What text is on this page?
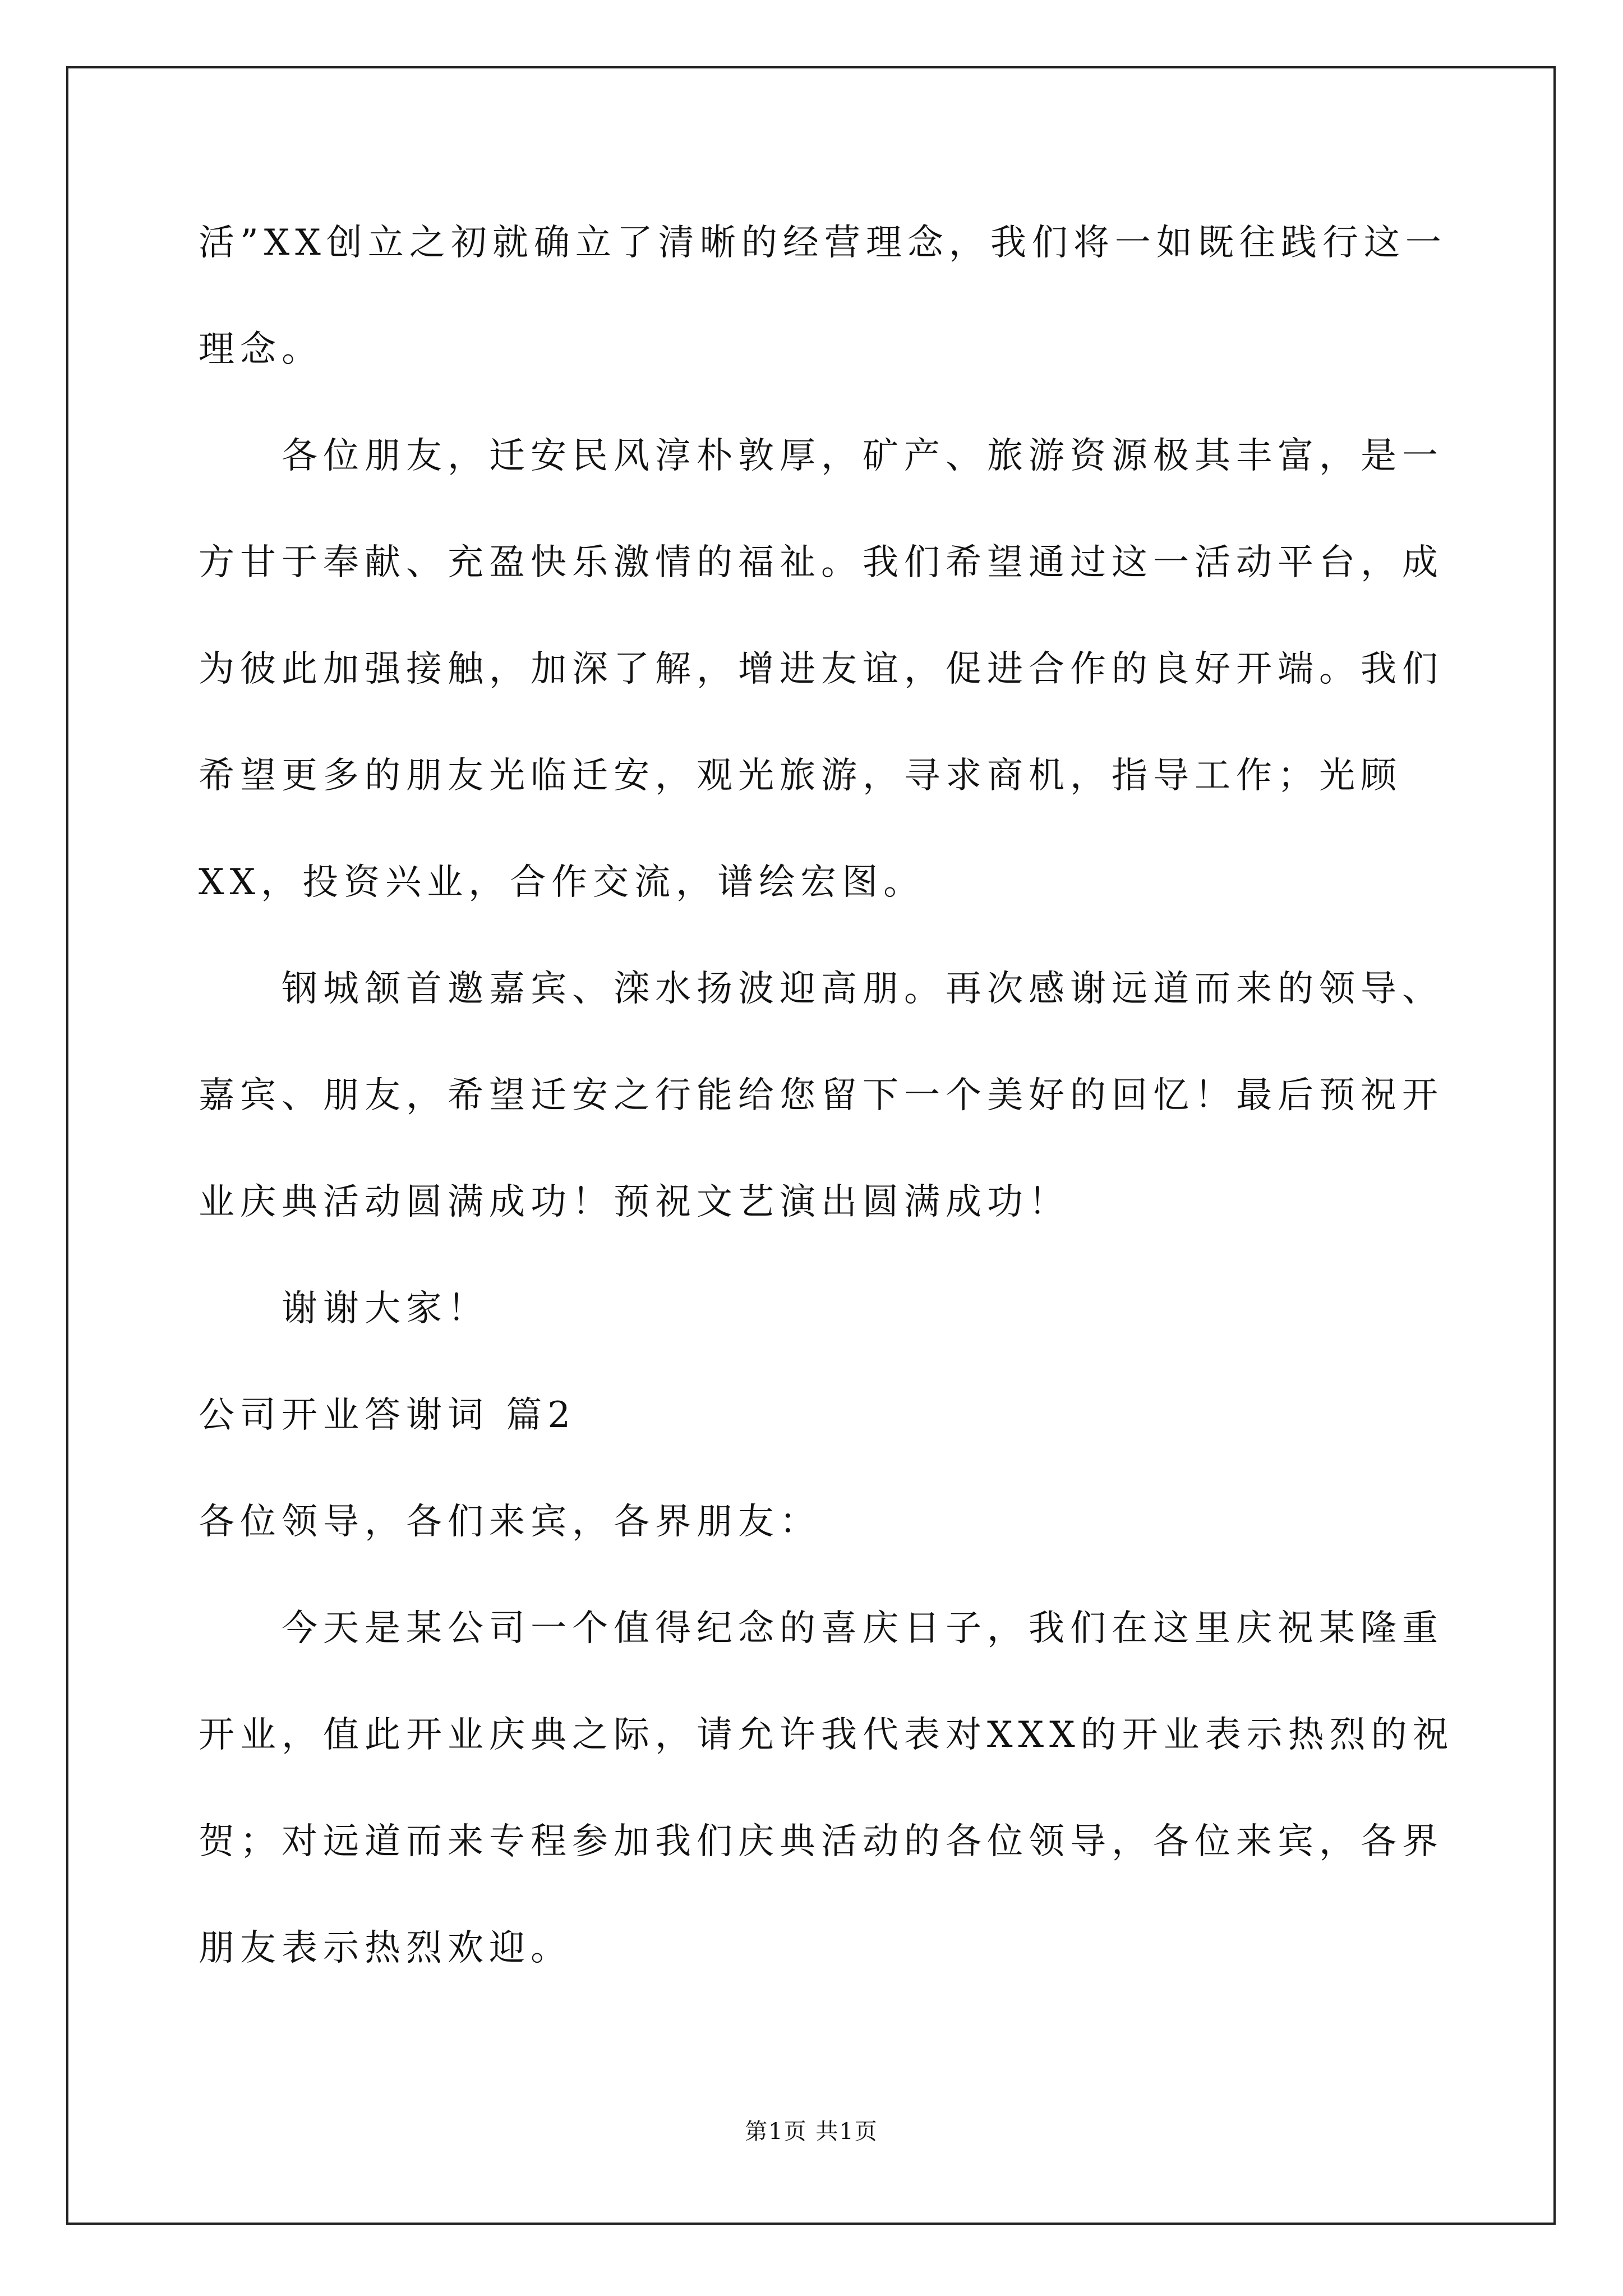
活”XX创立之初就确立了清晰的经营理念，我们将一如既往践行这一
理念。
各位朋友，迁安民风淳朴敦厚，矿产、旅游资源极其丰富，是一
方甘于奉献、充盈快乐激情的福祉。我们希望通过这一活动平台，成
为彼此加强接触，加深了解，增进友谊，促进合作的良好开端。我们
希望更多的朋友光临迁安，观光旅游，寻求商机，指导工作；光顾
XX，投资兴业，合作交流，谱绘宏图。
钢城颔首邀嘉宾、滦水扬波迎高朋。再次感谢远道而来的领导、
嘉宾、朋友，希望迁安之行能给您留下一个美好的回忆！最后预祝开
业庆典活动圆满成功！预祝文艺演出圆满成功！
谢谢大家！
公司开业答谢词 篇2
各位领导，各们来宾，各界朋友：
今天是某公司一个值得纪念的喜庆日子，我们在这里庆祝某隆重
开业，值此开业庆典之际，请允许我代表对XXX的开业表示热烈的祝
贺；对远道而来专程参加我们庆典活动的各位领导，各位来宾，各界
朋友表示热烈欢迎。
第1页 共1页
